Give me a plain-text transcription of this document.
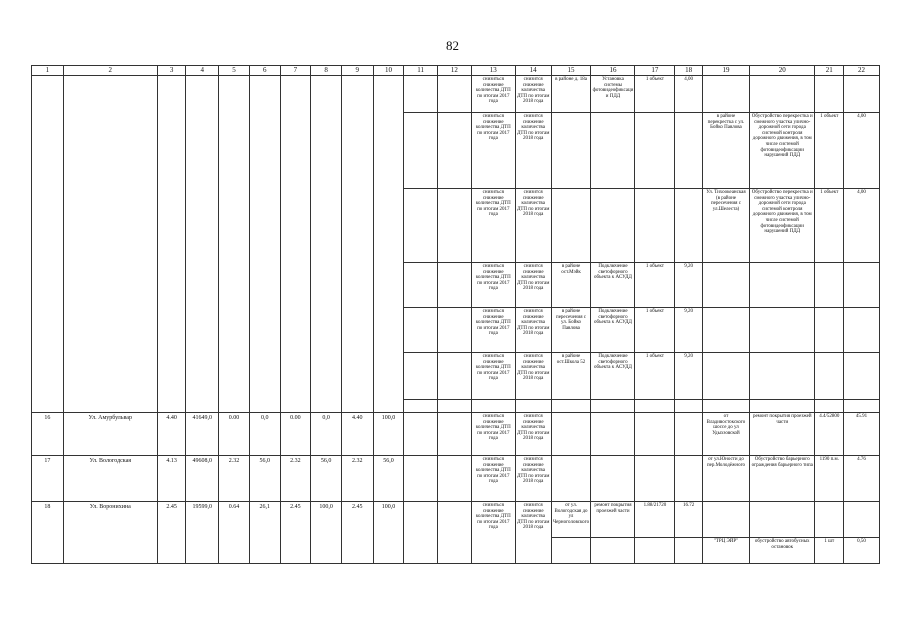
82
1	2	3	4	5	6	7	8	9	10	11	12	13	14	15	16	17	18	19	20	21	22
												снизиться снижение количества ДТП по итогам 2017 года	снизится снижение количества ДТП по итогам 2018 года	в районе д. 18а	Установка системы фотовидеофиксации ПДД	1 объект	4,00				
												снизиться снижение количества ДТП по итогам 2017 года	снизится снижение количества ДТП по итогам 2018 года					в районе перекрестка с ул. Бойко Павлова	Обустройство перекрестка и смежного участка улично-дорожной сети города системой контроля дорожного движения, в том числе системой фотовидеофиксации нарушений ПДД	1 объект	4,00
												снизиться снижение количества ДТП по итогам 2017 года	снизится снижение количества ДТП по итогам 2018 года					Ул. Тихоокеанская (в районе пересечения с ул.Шелеста)	Обустройство перекрестка и смежного участка улично-дорожной сети города системой контроля дорожного движения, в том числе системой фотовидеофиксации нарушений ПДД	1 объект	4,00
												снизиться снижение количества ДТП по итогам 2017 года	снизится снижение количества ДТП по итогам 2018 года	в районе ост.Мэйк	Подключение светофорного объекта к АСУДД	1 объект	9,20				
												снизиться снижение количества ДТП по итогам 2017 года	снизится снижение количества ДТП по итогам 2018 года	в районе пересечения с ул. Бойко Павлова	Подключение светофорного объекта к АСУДД	1 объект	9,20				
												снизиться снижение количества ДТП по итогам 2017 года	снизится снижение количества ДТП по итогам 2018 года	в районе ост.Школа 52	Подключение светофорного объекта к АСУДД	1 объект	9,20				

16	Ул. Амурбульвар	4.40	41649,0	0.00	0,0	0.00	0,0	4.40	100,0			снизиться снижение количества ДТП по итогам 2017 года	снизится снижение количества ДТП по итогам 2018 года					от Владивостокского шоссе до ул Удыхзовской	ремонт покрытия проезжей части	4.4/52800	45.91
17	Ул. Вологодская	4.13	49608,0	2.32	56,0	2.32	56,0	2.32	56,0			снизиться снижение количества ДТП по итогам 2017 года	снизится снижение количества ДТП по итогам 2018 года					от ул.Юности до пер.Молодёжного	Обустройство барьерного ограждения барьерного типа	1190 п.м.	4.76
18	Ул. Воронихина	2.45	19599,0	0.64	26,1	2.45	100,0	2.45	100,0			снизиться снижение количества ДТП по итогам 2017 года	снизится снижение количества ДТП по итогам 2018 года	от ул. Вологодская до ул Черноголовского	ремонт покрытия проезжей части	1.88/21720	16.72				
																		"ТРЦ ЭЙР"	обустройство автобусных остановок	1 шт	0,50
